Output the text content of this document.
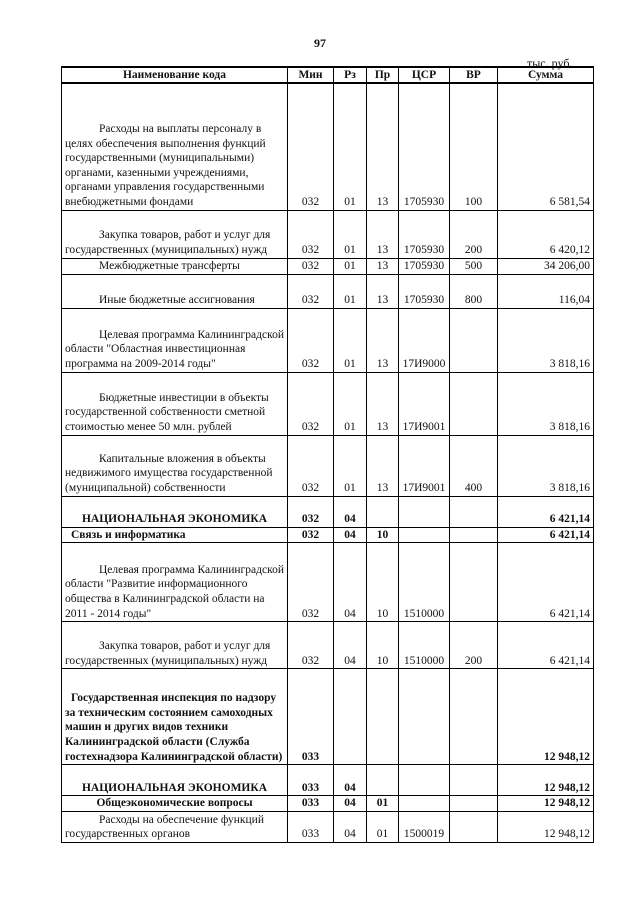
97
тыс. руб.
Наименование кода	Мин	Рз	Пр	ЦСР	ВР	Сумма

Расходы на выплаты персоналу в целях обеспечения выполнения функций государственными (муниципальными) органами, казенными учреждениями, органами управления государственными внебюджетными фондами	032	01	13	1705930	100	6 581,54

Закупка товаров, работ и услуг для государственных (муниципальных) нужд	032	01	13	1705930	200	6 420,12

Межбюджетные трансферты	032	01	13	1705930	500	34 206,00

Иные бюджетные ассигнования	032	01	13	1705930	800	116,04

Целевая программа Калининградской области "Областная инвестиционная программа на 2009-2014 годы"	032	01	13	17И9000		3 818,16

Бюджетные инвестиции в объекты государственной собственности сметной стоимостью менее 50 млн. рублей	032	01	13	17И9001		3 818,16

Капитальные вложения в объекты недвижимого имущества государственной (муниципальной) собственности	032	01	13	17И9001	400	3 818,16
НАЦИОНАЛЬНАЯ ЭКОНОМИКА	032	04				6 421,14

Связь и информатика	032	04	10			6 421,14

Целевая программа Калининградской области "Развитие информационного общества в Калининградской области на 2011 - 2014 годы"	032	04	10	1510000		6 421,14

Закупка товаров, работ и услуг для государственных (муниципальных) нужд	032	04	10	1510000	200	6 421,14

Государственная инспекция по надзору за техническим состоянием самоходных машин и других видов техники Калининградской области (Служба гостехнадзора Калининградской области)	033					12 948,12
НАЦИОНАЛЬНАЯ ЭКОНОМИКА	033	04				12 948,12
Общеэкономические вопросы	033	04	01			12 948,12

Расходы на обеспечение функций государственных органов	033	04	01	1500019		12 948,12
